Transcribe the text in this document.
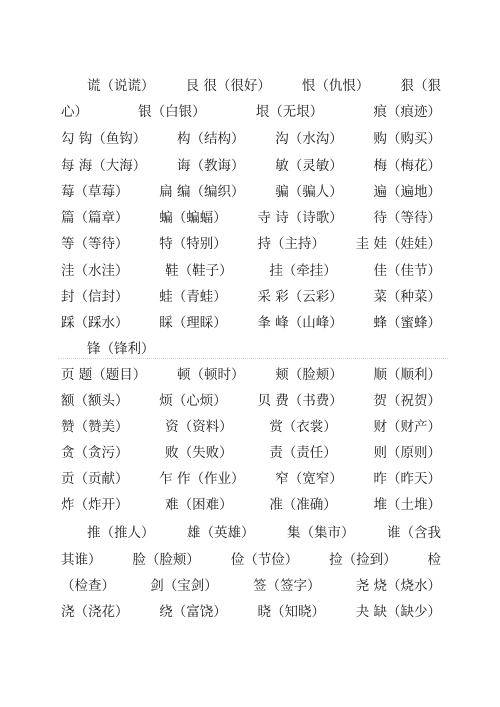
谎（说谎） 艮 很（很好） 恨（仇恨） 狠（狠
心）	银（白银）	垠（无垠）	痕（痕迹）
勾 钩（鱼钩） 构（结构） 沟（水沟） 购（购买）
每 海（大海） 诲（教诲） 敏（灵敏） 梅（梅花）
莓（草莓） 扁 编（编织） 骗（骗人） 遍（遍地）
篇（篇章） 蝙（蝙蝠） 寺 诗（诗歌） 待（等待）
等（等待） 特（特别） 持（主持） 圭 娃（娃娃）
洼（水洼）	鞋（鞋子）	挂（牵挂）	佳（佳节）
封（信封） 蛙（青蛙） 采 彩（云彩） 菜（种菜）
踩（踩水） 睬（理睬） 夆 峰（山峰） 蜂（蜜蜂）
锋（锋利）
页 题（题目） 顿（顿时） 颊（脸颊） 顺（顺利）
额（额头） 烦（心烦） 贝 费（书费） 贺（祝贺）
赞（赞美）	资（资料）	赏（衣裳）	财（财产）
贪（贪污）	败（失败）	责（责任）	则（原则）
贡（贡献） 乍 作（作业） 窄（宽窄） 昨（昨天）
炸（炸开）	难（困难）	准（准确）	堆（土堆）
推（推人） 雄（英雄） 集（集市） 谁（含我
其谁） 脸（脸颊） 俭（节俭） 捡（捡到） 检
（检查）	剑（宝剑）	签（签字）	尧 烧（烧水）
浇（浇花） 绕（富饶） 晓（知晓） 夬 缺（缺少）
